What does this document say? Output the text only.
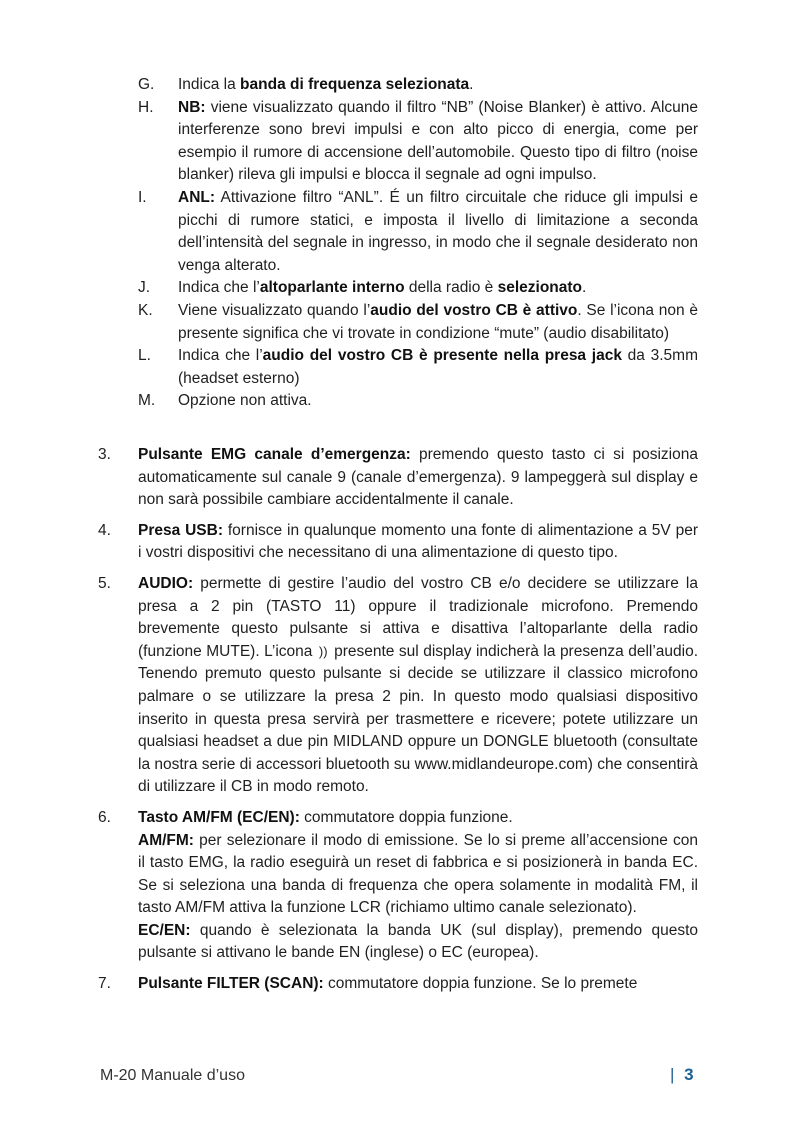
G.	Indica la banda di frequenza selezionata.
H.	NB: viene visualizzato quando il filtro “NB” (Noise Blanker) è attivo. Alcune interferenze sono brevi impulsi e con alto picco di energia, come per esempio il rumore di accensione dell’automobile. Questo tipo di filtro (noise blanker) rileva gli impulsi e blocca il segnale ad ogni impulso.
I.	ANL: Attivazione filtro “ANL”. É un filtro circuitale che riduce gli impulsi e picchi di rumore statici, e imposta il livello di limitazione a seconda dell’intensità del segnale in ingresso, in modo che il segnale desiderato non venga alterato.
J.	Indica che l’altoparlante interno della radio è selezionato.
K.	Viene visualizzato quando l’audio del vostro CB è attivo. Se l’icona non è presente significa che vi trovate in condizione “mute” (audio disabilitato)
L.	Indica che l’audio del vostro CB è presente nella presa jack da 3.5mm (headset esterno)
M.	Opzione non attiva.
3.	Pulsante EMG canale d’emergenza: premendo questo tasto ci si posiziona automaticamente sul canale 9 (canale d’emergenza). 9 lampeggerà sul display e non sarà possibile cambiare accidentalmente il canale.
4.	Presa USB: fornisce in qualunque momento una fonte di alimentazione a 5V per i vostri dispositivi che necessitano di una alimentazione di questo tipo.
5.	AUDIO: permette di gestire l’audio del vostro CB e/o decidere se utilizzare la presa a 2 pin (TASTO 11) oppure il tradizionale microfono. Premendo brevemente questo pulsante si attiva e disattiva l’altoparlante della radio (funzione MUTE). L’icona )) presente sul display indicherà la presenza dell’audio. Tenendo premuto questo pulsante si decide se utilizzare il classico microfono palmare o se utilizzare la presa 2 pin. In questo modo qualsiasi dispositivo inserito in questa presa servirà per trasmettere e ricevere; potete utilizzare un qualsiasi headset a due pin MIDLAND oppure un DONGLE bluetooth (consultate la nostra serie di accessori bluetooth su www.midlandeurope.com) che consentirà di utilizzare il CB in modo remoto.
6.	Tasto AM/FM (EC/EN): commutatore doppia funzione.
AM/FM: per selezionare il modo di emissione. Se lo si preme all’accensione con il tasto EMG, la radio eseguirà un reset di fabbrica e si posizionerà in banda EC. Se si seleziona una banda di frequenza che opera solamente in modalità FM, il tasto AM/FM attiva la funzione LCR (richiamo ultimo canale selezionato).
EC/EN: quando è selezionata la banda UK (sul display), premendo questo pulsante si attivano le bande EN (inglese) o EC (europea).
7.	Pulsante FILTER (SCAN): commutatore doppia funzione. Se lo premete
M-20 Manuale d’uso	| 3
